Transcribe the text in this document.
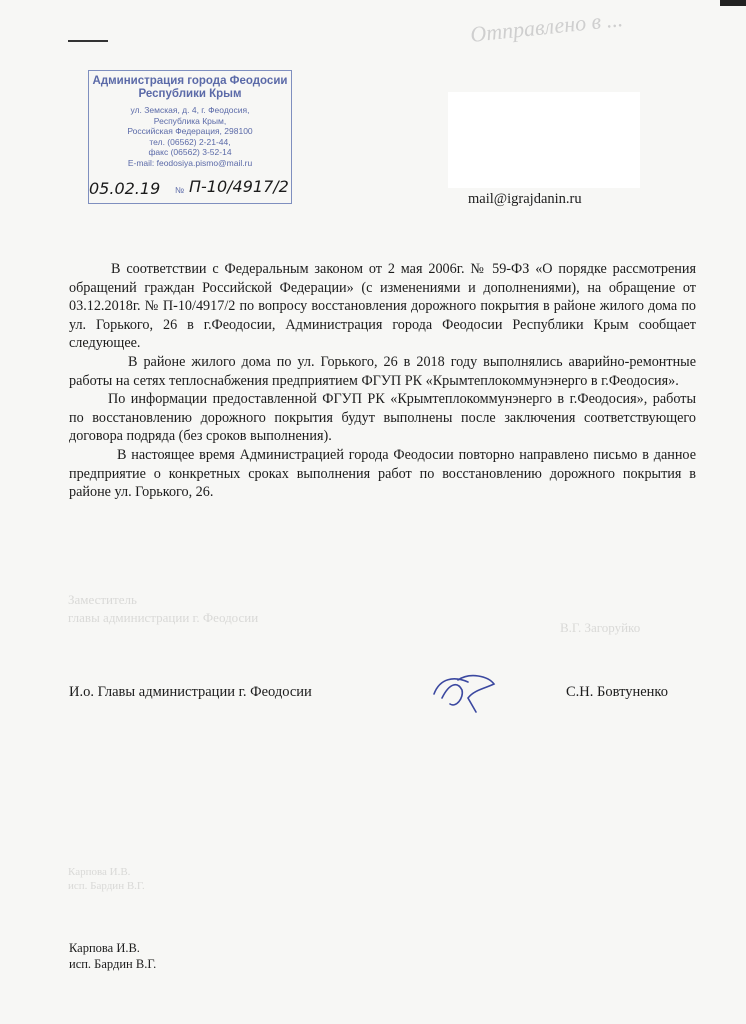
Отправлено в ...
Заместитель
главы администрации г. Феодосии
В.Г. Загоруйко
Карпова И.В.
исп. Бардин В.Г.
Администрация города Феодосии
Республики Крым
ул. Земская, д. 4, г. Феодосия,
Республика Крым,
Российская Федерация, 298100
тел. (06562) 2-21-44,
факс (06562) 3-52-14
E-mail: feodosiya.pismo@mail.ru
05.02.19 № П-10/4917/2
mail@igrajdanin.ru

В соответствии с Федеральным законом от 2 мая 2006г. № 59-ФЗ «О порядке рассмотрения обращений граждан Российской Федерации» (с изменениями и дополнениями), на обращение от 03.12.2018г. № П-10/4917/2 по вопросу восстановления дорожного покрытия в районе жилого дома по ул. Горького, 26 в г.Феодосии, Администрация города Феодосии Республики Крым сообщает следующее.

В районе жилого дома по ул. Горького, 26 в 2018 году выполнялись аварийно-ремонтные работы на сетях теплоснабжения предприятием ФГУП РК «Крымтеплокоммунэнерго в г.Феодосия».

По информации предоставленной ФГУП РК «Крымтеплокоммунэнерго в г.Феодосия», работы по восстановлению дорожного покрытия будут выполнены после заключения соответствующего договора подряда (без сроков выполнения).

В настоящее время Администрацией города Феодосии повторно направлено письмо в данное предприятие о конкретных сроках выполнения работ по восстановлению дорожного покрытия в районе ул. Горького, 26.

И.о. Главы администрации г. Феодосии	С.Н. Бовтуненко
Карпова И.В.
исп. Бардин В.Г.
